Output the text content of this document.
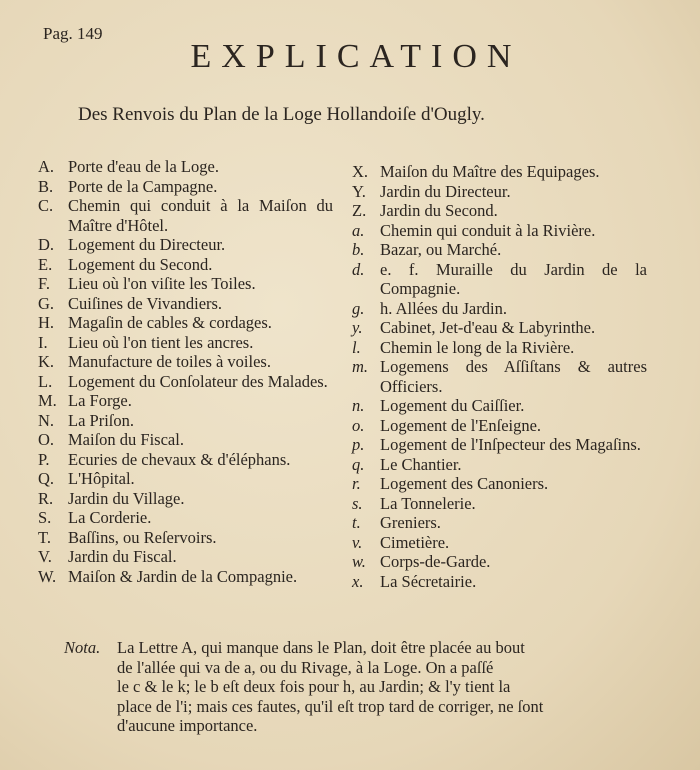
Pag. 149
EXPLICATION
Des Renvois du Plan de la Loge Hollandoiſe d'Ougly.
A. Porte d'eau de la Loge.
B. Porte de la Campagne.
C. Chemin qui conduit à la Maiſon du Maître d'Hôtel.
D. Logement du Directeur.
E. Logement du Second.
F.	Lieu où l'on viſite les Toiles.
G. Cuiſines de Vivandiers.
H. Magaſin de cables & cordages.
I.	Lieu où l'on tient les ancres.
K. Manufacture de toiles à voiles.
L. Logement du Conſolateur des Malades.
M. La Forge.
N. La Priſon.
O. Maiſon du Fiscal.
P.	Ecuries de chevaux & d'éléphans.
Q. L'Hôpital.
R. Jardin du Village.
S.	La Corderie.
T.	Baſſins, ou Reſervoirs.
V. Jardin du Fiscal.
W. Maiſon & Jardin de la Compagnie.
X. Maiſon du Maître des Equipages.
Y. Jardin du Directeur.
Z. Jardin du Second.
a. Chemin qui conduit à la Rivière.
b. Bazar, ou Marché.
d. e. f. Muraille du Jardin de la Compagnie.
g. h. Allées du Jardin.
y.	Cabinet, Jet-d'eau & Labyrinthe.
l.	Chemin le long de la Rivière.
m. Logemens des Aſſiſtans & autres Officiers.
n. Logement du Caiſſier.
o. Logement de l'Enſeigne.
p. Logement de l'Inſpecteur des Magaſins.
q. Le Chantier.
r.	Logement des Canoniers.
s.	La Tonnelerie.
t.	Greniers.
v.	Cimetière.
w. Corps-de-Garde.
x.	La Sécretairie.
Nota. La Lettre A, qui manque dans le Plan, doit être placée au bout
de l'allée qui va de a, ou du Rivage, à la Loge. On a paſſé
le c & le k; le b eſt deux fois pour h, au Jardin; & l'y tient la
place de l'i; mais ces fautes, qu'il eſt trop tard de corriger, ne ſont
d'aucune importance.
